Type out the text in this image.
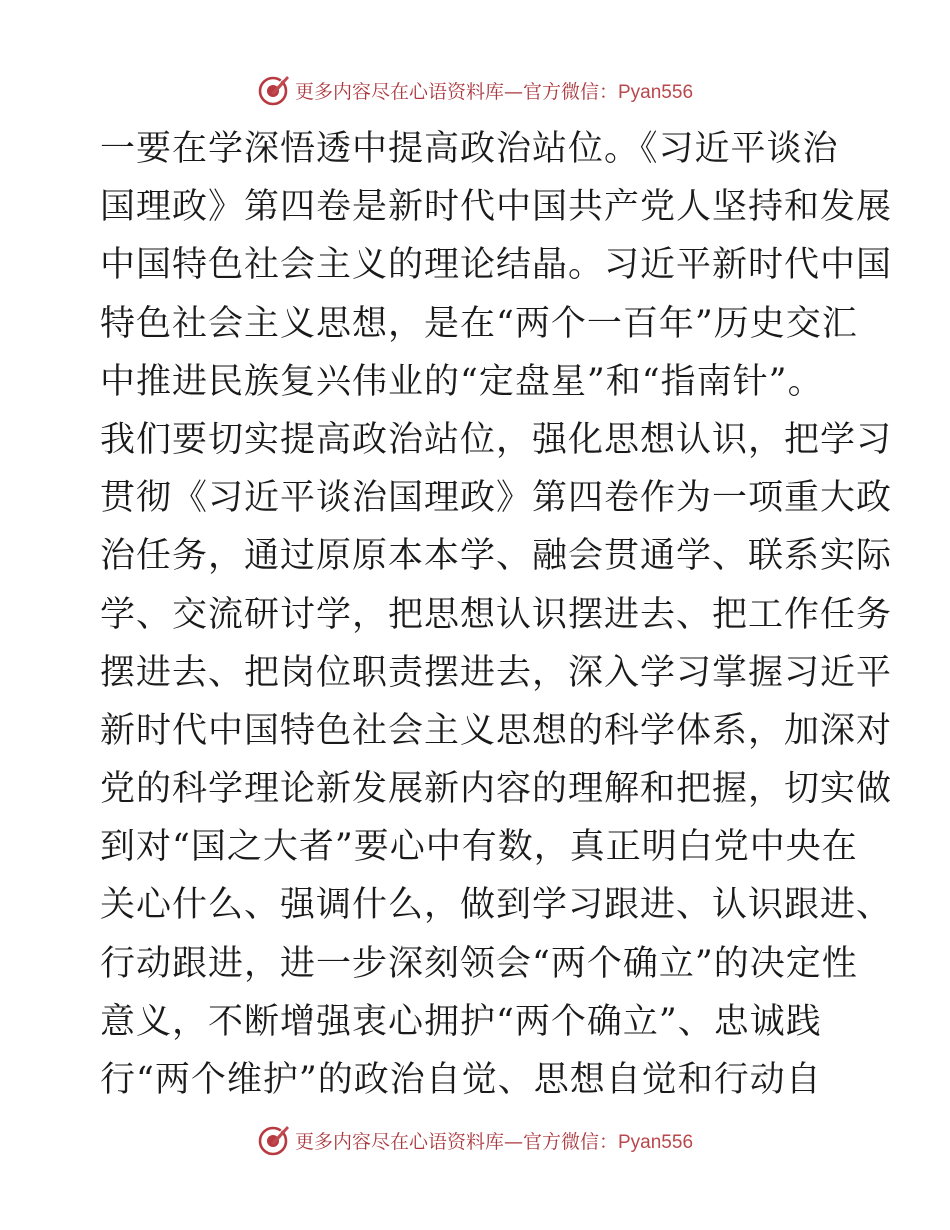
更多内容尽在心语资料库—官方微信：Pyan556
一要在学深悟透中提高政治站位。《习近平谈治
国理政》第四卷是新时代中国共产党人坚持和发展
中国特色社会主义的理论结晶。习近平新时代中国
特色社会主义思想，是在“两个一百年”历史交汇
中推进民族复兴伟业的“定盘星”和“指南针”。
我们要切实提高政治站位，强化思想认识，把学习
贯彻《习近平谈治国理政》第四卷作为一项重大政
治任务，通过原原本本学、融会贯通学、联系实际
学、交流研讨学，把思想认识摆进去、把工作任务
摆进去、把岗位职责摆进去，深入学习掌握习近平
新时代中国特色社会主义思想的科学体系，加深对
党的科学理论新发展新内容的理解和把握，切实做
到对“国之大者”要心中有数，真正明白党中央在
关心什么、强调什么，做到学习跟进、认识跟进、
行动跟进，进一步深刻领会“两个确立”的决定性
意义，不断增强衷心拥护“两个确立”、忠诚践
行“两个维护”的政治自觉、思想自觉和行动自
更多内容尽在心语资料库—官方微信：Pyan556
